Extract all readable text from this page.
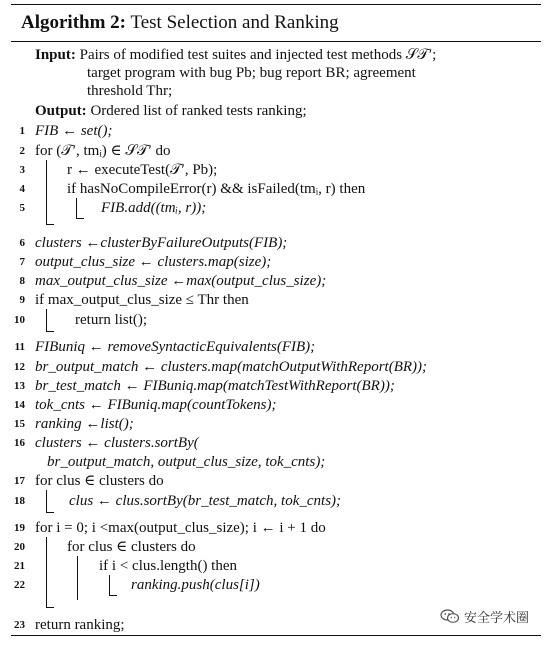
Algorithm 2: Test Selection and Ranking
Input: Pairs of modified test suites and injected test methods 𝒮𝒯′;
target program with bug Pb; bug report BR; agreement
threshold Thr;
Output: Ordered list of ranked tests ranking;
1 FIB ← set();
2 for (𝒯′, tmᵢ) ∈ 𝒮𝒯′ do
3	r ← executeTest(𝒯′, Pb);
4	if hasNoCompileError(r) && isFailed(tmᵢ, r) then
5	FIB.add((tmᵢ, r));
6 clusters ←clusterByFailureOutputs(FIB);
7 output_clus_size ← clusters.map(size);
8 max_output_clus_size ←max(output_clus_size);
9 if max_output_clus_size ≤ Thr then
10	return list();
11 FIBuniq ← removeSyntacticEquivalents(FIB);
12 br_output_match ← clusters.map(matchOutputWithReport(BR));
13 br_test_match ← FIBuniq.map(matchTestWithReport(BR));
14 tok_cnts ← FIBuniq.map(countTokens);
15 ranking ←list();
16 clusters ← clusters.sortBy(
br_output_match, output_clus_size, tok_cnts);
17 for clus ∈ clusters do
18	clus ← clus.sortBy(br_test_match, tok_cnts);
19 for i = 0; i <max(output_clus_size); i ← i + 1 do
20	for clus ∈ clusters do
21	if i < clus.length() then
22	ranking.push(clus[i])
23 return ranking;	安全学术圈
